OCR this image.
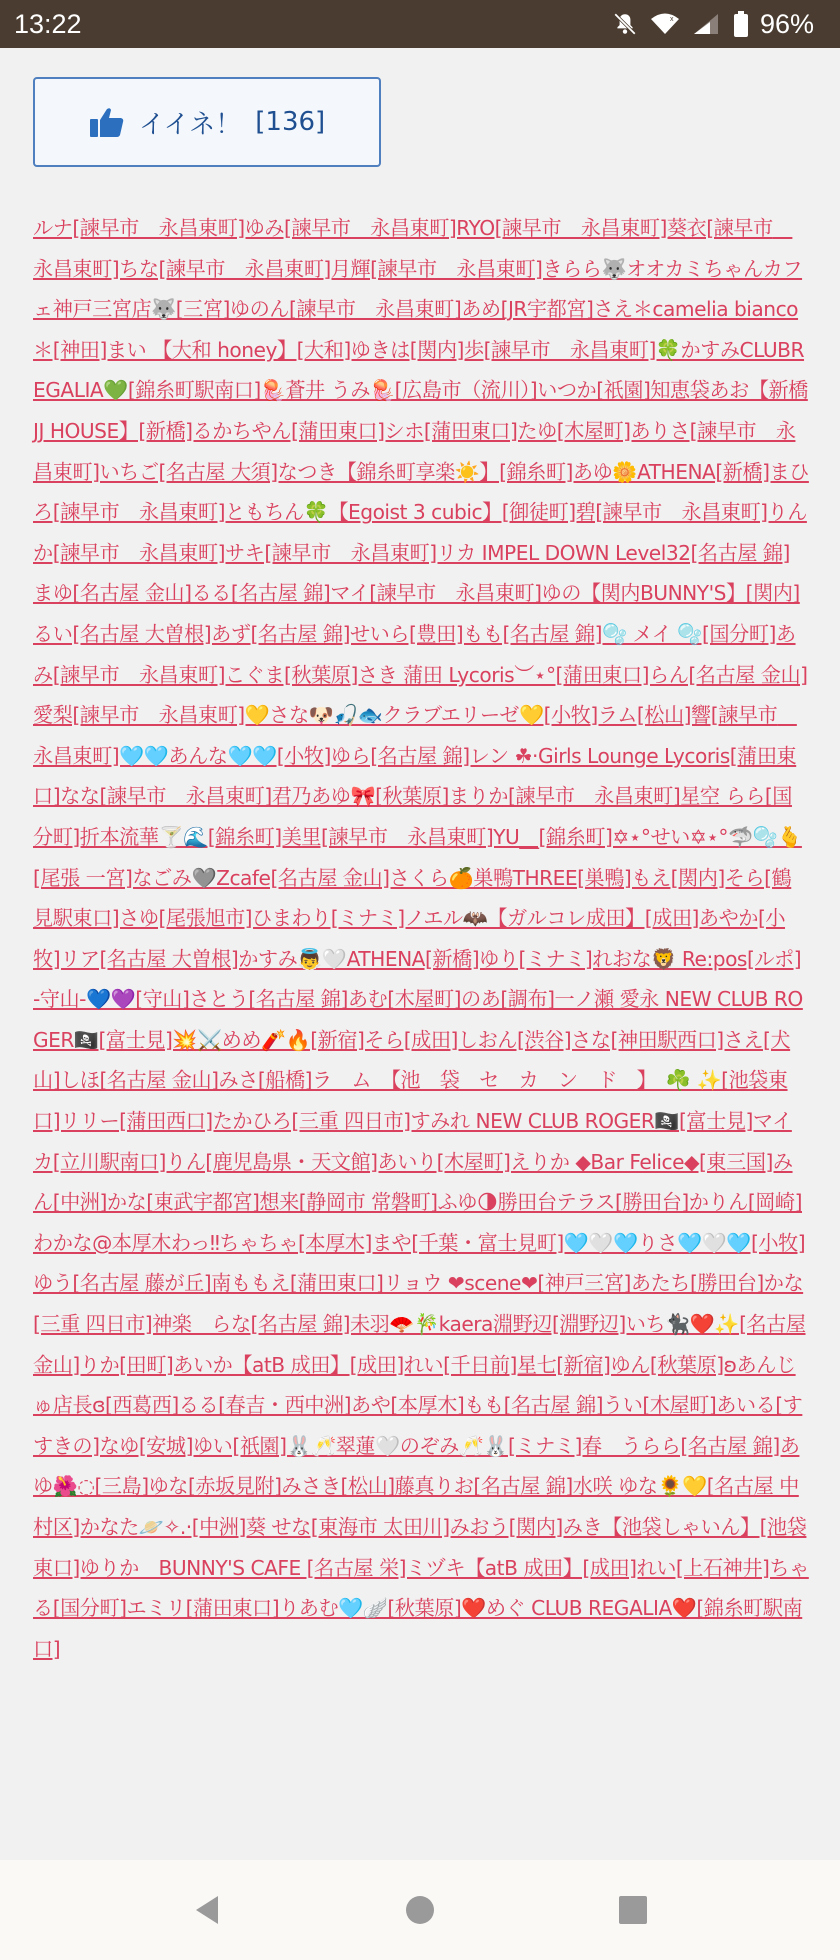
13:22	x	96%
イイネ！ [136]
ルナ[諫早市　永昌東町]ゆみ[諫早市　永昌東町]RYO[諫早市　永昌東町]葵衣[諫早市　永昌東町]ちな[諫早市　永昌東町]月輝[諫早市　永昌東町]きらら🐺オオカミちゃんカフェ神戸三宮店🐺[三宮]ゆのん[諫早市　永昌東町]あめ[JR宇都宮]さえ＊camelia bianco＊[神田]まい 【大和 honey】[大和]ゆきは[関内]歩[諫早市　永昌東町]🍀かすみCLUBREGALIA💚[錦糸町駅南口]🪼蒼井 うみ🪼[広島市（流川）]いつか[祇園]知恵袋あお【新橋 JJ HOUSE】[新橋]るかちやん[蒲田東口]シホ[蒲田東口]たゆ[木屋町]ありさ[諫早市　永昌東町]いちご[名古屋 大須]なつき【錦糸町享楽☀️】[錦糸町]あゆ🌼ATHENA[新橋]まひろ[諫早市　永昌東町]ともちん🍀【Egoist 3 cubic】[御徒町]碧[諫早市　永昌東町]りんか[諫早市　永昌東町]サキ[諫早市　永昌東町]リカ IMPEL DOWN Level32[名古屋 錦]まゆ[名古屋 金山]るる[名古屋 錦]マイ[諫早市　永昌東町]ゆの【関内BUNNY'S】[関内]るい[名古屋 大曽根]あず[名古屋 錦]せいら[豊田]もも[名古屋 錦]🫧 メイ 🫧[国分町]あみ[諫早市　永昌東町]こぐま[秋葉原]さき 蒲田 Lycoris︶⋆°[蒲田東口]らん[名古屋 金山]愛梨[諫早市　永昌東町]💛さな🐶🎣🐟クラブエリーゼ💛[小牧]ラム[松山]響[諫早市　永昌東町]🩵🩵あんな🩵🩵[小牧]ゆら[名古屋 錦]レン ☘︎·Girls Lounge Lycoris[蒲田東口]なな[諫早市　永昌東町]君乃あゆ🎀[秋葉原]まりか[諫早市　永昌東町]星空 らら[国分町]折本流華🍸🌊[錦糸町]美里[諫早市　永昌東町]YU__[錦糸町]✡⋆°せい✡⋆°🦈🫧🫰[尾張 一宮]なごみ🩶Zcafe[名古屋 金山]さくら🍊巣鴨THREE[巣鴨]もえ[関内]そら[鶴見駅東口]さゆ[尾張旭市]ひまわり[ミナミ]ノエル🦇【ガルコレ成田】[成田]あやか[小牧]リア[名古屋 大曽根]かすみ👼🤍ATHENA[新橋]ゆり[ミナミ]れおな🦁 Re:pos[ルポ] -守山-💙💜[守山]さとう[名古屋 錦]あむ[木屋町]のあ[調布]一ノ瀬 愛永 NEW CLUB ROGER🏴‍☠️[富士見]💥⚔️めめ🧨🔥[新宿]そら[成田]しおん[渋谷]さな[神田駅西口]さえ[犬山]しほ[名古屋 金山]みさ[船橋]ラ　ム　【池　袋　セ　カ　ン　ド　】　☘️ ✨[池袋東口]リリー[蒲田西口]たかひろ[三重 四日市]すみれ NEW CLUB ROGER🏴‍☠️[富士見]マイカ[立川駅南口]りん[鹿児島県・天文館]あいり[木屋町]えりか ◆Bar Felice◆[東三国]みん[中洲]かな[東武宇都宮]想来[静岡市 常磐町]ふゆ🌗勝田台テラス[勝田台]かりん[岡崎]わかな@本厚木わっ‼ちゃちゃ[本厚木]まや[千葉・富士見町]🩵🤍🩵りさ🩵🤍🩵[小牧]ゆう[名古屋 藤が丘]南ももえ[蒲田東口]リョウ ❤scene❤[神戸三宮]あたち[勝田台]かな[三重 四日市]神楽　らな[名古屋 錦]未羽🪭🎋kaera淵野辺[淵野辺]いち🐈‍⬛❤️✨[名古屋 金山]りか[田町]あいか【atB 成田】[成田]れい[千日前]星七[新宿]ゆん[秋葉原]ʚあんじゅ店長ɞ[西葛西]るる[春吉・西中洲]あや[本厚木]もも[名古屋 錦]うい[木屋町]あいる[すすきの]なゆ[安城]ゆい[祇園]🐰🥂翠蓮🤍のぞみ🥂🐰[ミナミ]春　うらら[名古屋 錦]あゆ🌺◌[三島]ゆな[赤坂見附]みさき[松山]藤真りお[名古屋 錦]水咲 ゆな🌻💛[名古屋 中村区]かなた🪐✧.·[中洲]葵 せな[東海市 太田川]みおう[関内]みき【池袋しゃいん】[池袋東口]ゆりか　BUNNY'S CAFE [名古屋 栄]ミヅキ【atB 成田】[成田]れい[上石神井]ちゃる[国分町]エミリ[蒲田東口]りあむ🩵🪽[秋葉原]❤️めぐ CLUB REGALIA❤️[錦糸町駅南口]
